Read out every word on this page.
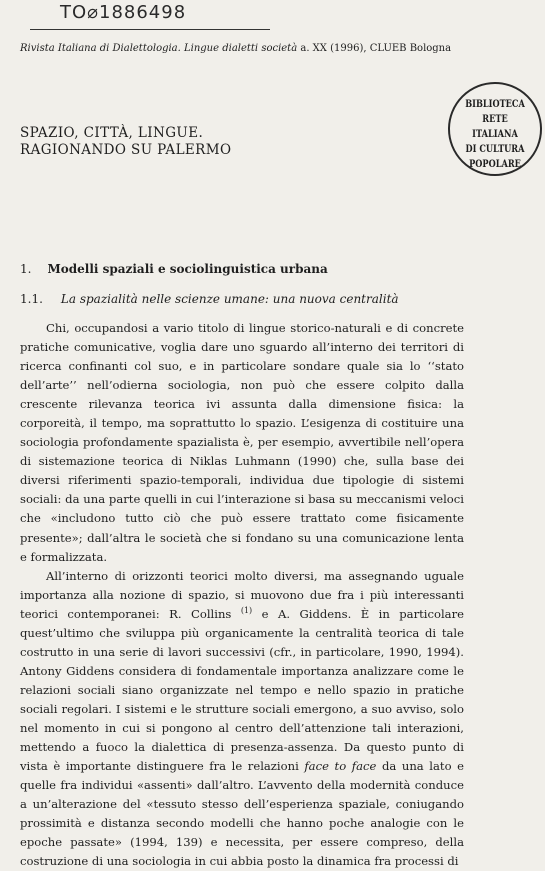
TO⌀1886498
Rivista Italiana di Dialettologia. Lingue dialetti società a. XX (1996), CLUEB Bologna
SPAZIO, CITTÀ, LINGUE.
RAGIONANDO SU PALERMO
BIBLIOTECA
RETE ITALIANA
DI CULTURA
POPOLARE
1. Modelli spaziali e sociolinguistica urbana
1.1. La spazialità nelle scienze umane: una nuova centralità

Chi, occupandosi a vario titolo di lingue storico-naturali e di concrete pratiche comunicative, voglia dare uno sguardo all’interno dei territori di ricerca confinanti col suo, e in particolare sondare quale sia lo ‘‘stato dell’arte’’ nell’odierna sociologia, non può che essere colpito dalla crescente rilevanza teorica ivi assunta dalla dimensione fisica: la corporeità, il tempo, ma soprattutto lo spazio. L’esigenza di costituire una sociologia profondamente spazialista è, per esempio, avvertibile nell’opera di sistemazione teorica di Niklas Luhmann (1990) che, sulla base dei diversi riferimenti spazio-temporali, individua due tipologie di sistemi sociali: da una parte quelli in cui l’interazione si basa su meccanismi veloci che «includono tutto ciò che può essere trattato come fisicamente presente»; dall’altra le società che si fondano su una comunicazione lenta e formalizzata.

All’interno di orizzonti teorici molto diversi, ma assegnando uguale importanza alla nozione di spazio, si muovono due fra i più interessanti teorici contemporanei: R. Collins $^{(1)}$ e A. Giddens. È in particolare quest’ultimo che sviluppa più organicamente la centralità teorica di tale costrutto in una serie di lavori successivi (cfr., in particolare, 1990, 1994). Antony Giddens considera di fondamentale importanza analizzare come le relazioni sociali siano organizzate nel tempo e nello spazio in pratiche sociali regolari. I sistemi e le strutture sociali emergono, a suo avviso, solo nel momento in cui si pongono al centro dell’attenzione tali interazioni, mettendo a fuoco la dialettica di presenza-assenza. Da questo punto di vista è importante distinguere fra le relazioni face to face da una lato e quelle fra individui «assenti» dall’altro. L’avvento della modernità conduce a un’alterazione del «tessuto stesso dell’esperienza spaziale, coniugando prossimità e distanza secondo modelli che hanno poche analogie con le epoche passate» (1994, 139) e necessita, per essere compreso, della costruzione di una sociologia in cui abbia posto la dinamica fra processi di
